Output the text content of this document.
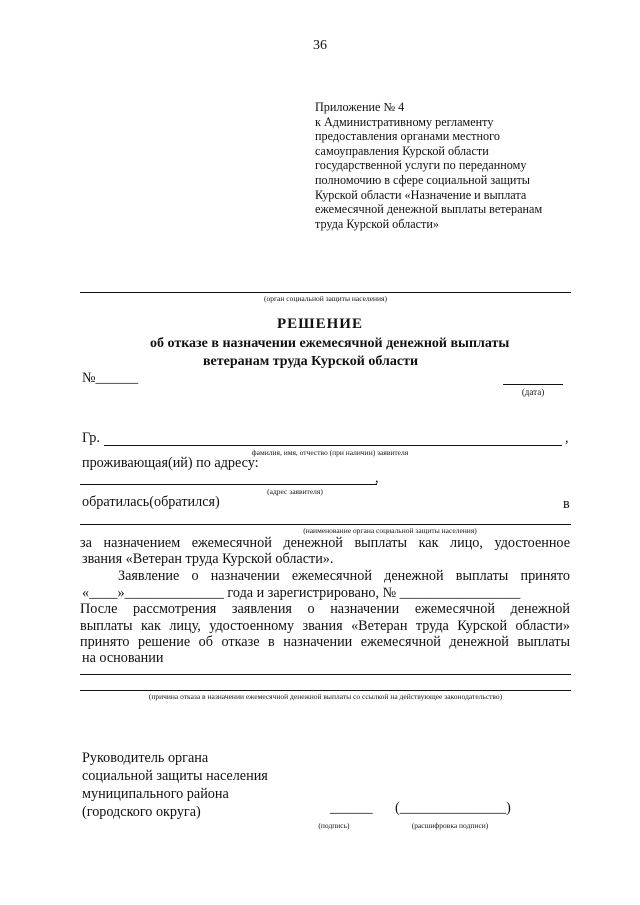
36
Приложение № 4
к Административному регламенту
предоставления органами местного
самоуправления Курской области
государственной услуги по переданному
полномочию в сфере социальной защиты
Курской области «Назначение и выплата
ежемесячной денежной выплаты ветеранам
труда Курской области»
(орган социальной защиты населения)
РЕШЕНИЕ
об отказе в назначении ежемесячной денежной выплаты
ветеранам труда Курской области
№______
(дата)
Гр.	,
фамилия, имя, отчество (при наличии) заявителя
проживающая(ий) по адресу:
,
(адрес заявителя)
обратилась(обратился)	в
(наименование органа социальной защиты населения)
за назначением ежемесячной денежной выплаты как лицо, удостоенное
звания «Ветеран труда Курской области».
Заявление о назначении ежемесячной денежной выплаты принято
«____»______________ года и зарегистрировано, № _________________
После рассмотрения заявления о назначении ежемесячной денежной
выплаты как лицу, удостоенному звания «Ветеран труда Курской области»
принято решение об отказе в назначении ежемесячной денежной выплаты
на основании
(причина отказа в назначении ежемесячной денежной выплаты со ссылкой на действующее законодательство)
Руководитель органа
социальной защиты населения
муниципального района
(городского округа)	______ (_______________)
(подпись)	(расшифровка подписи)
